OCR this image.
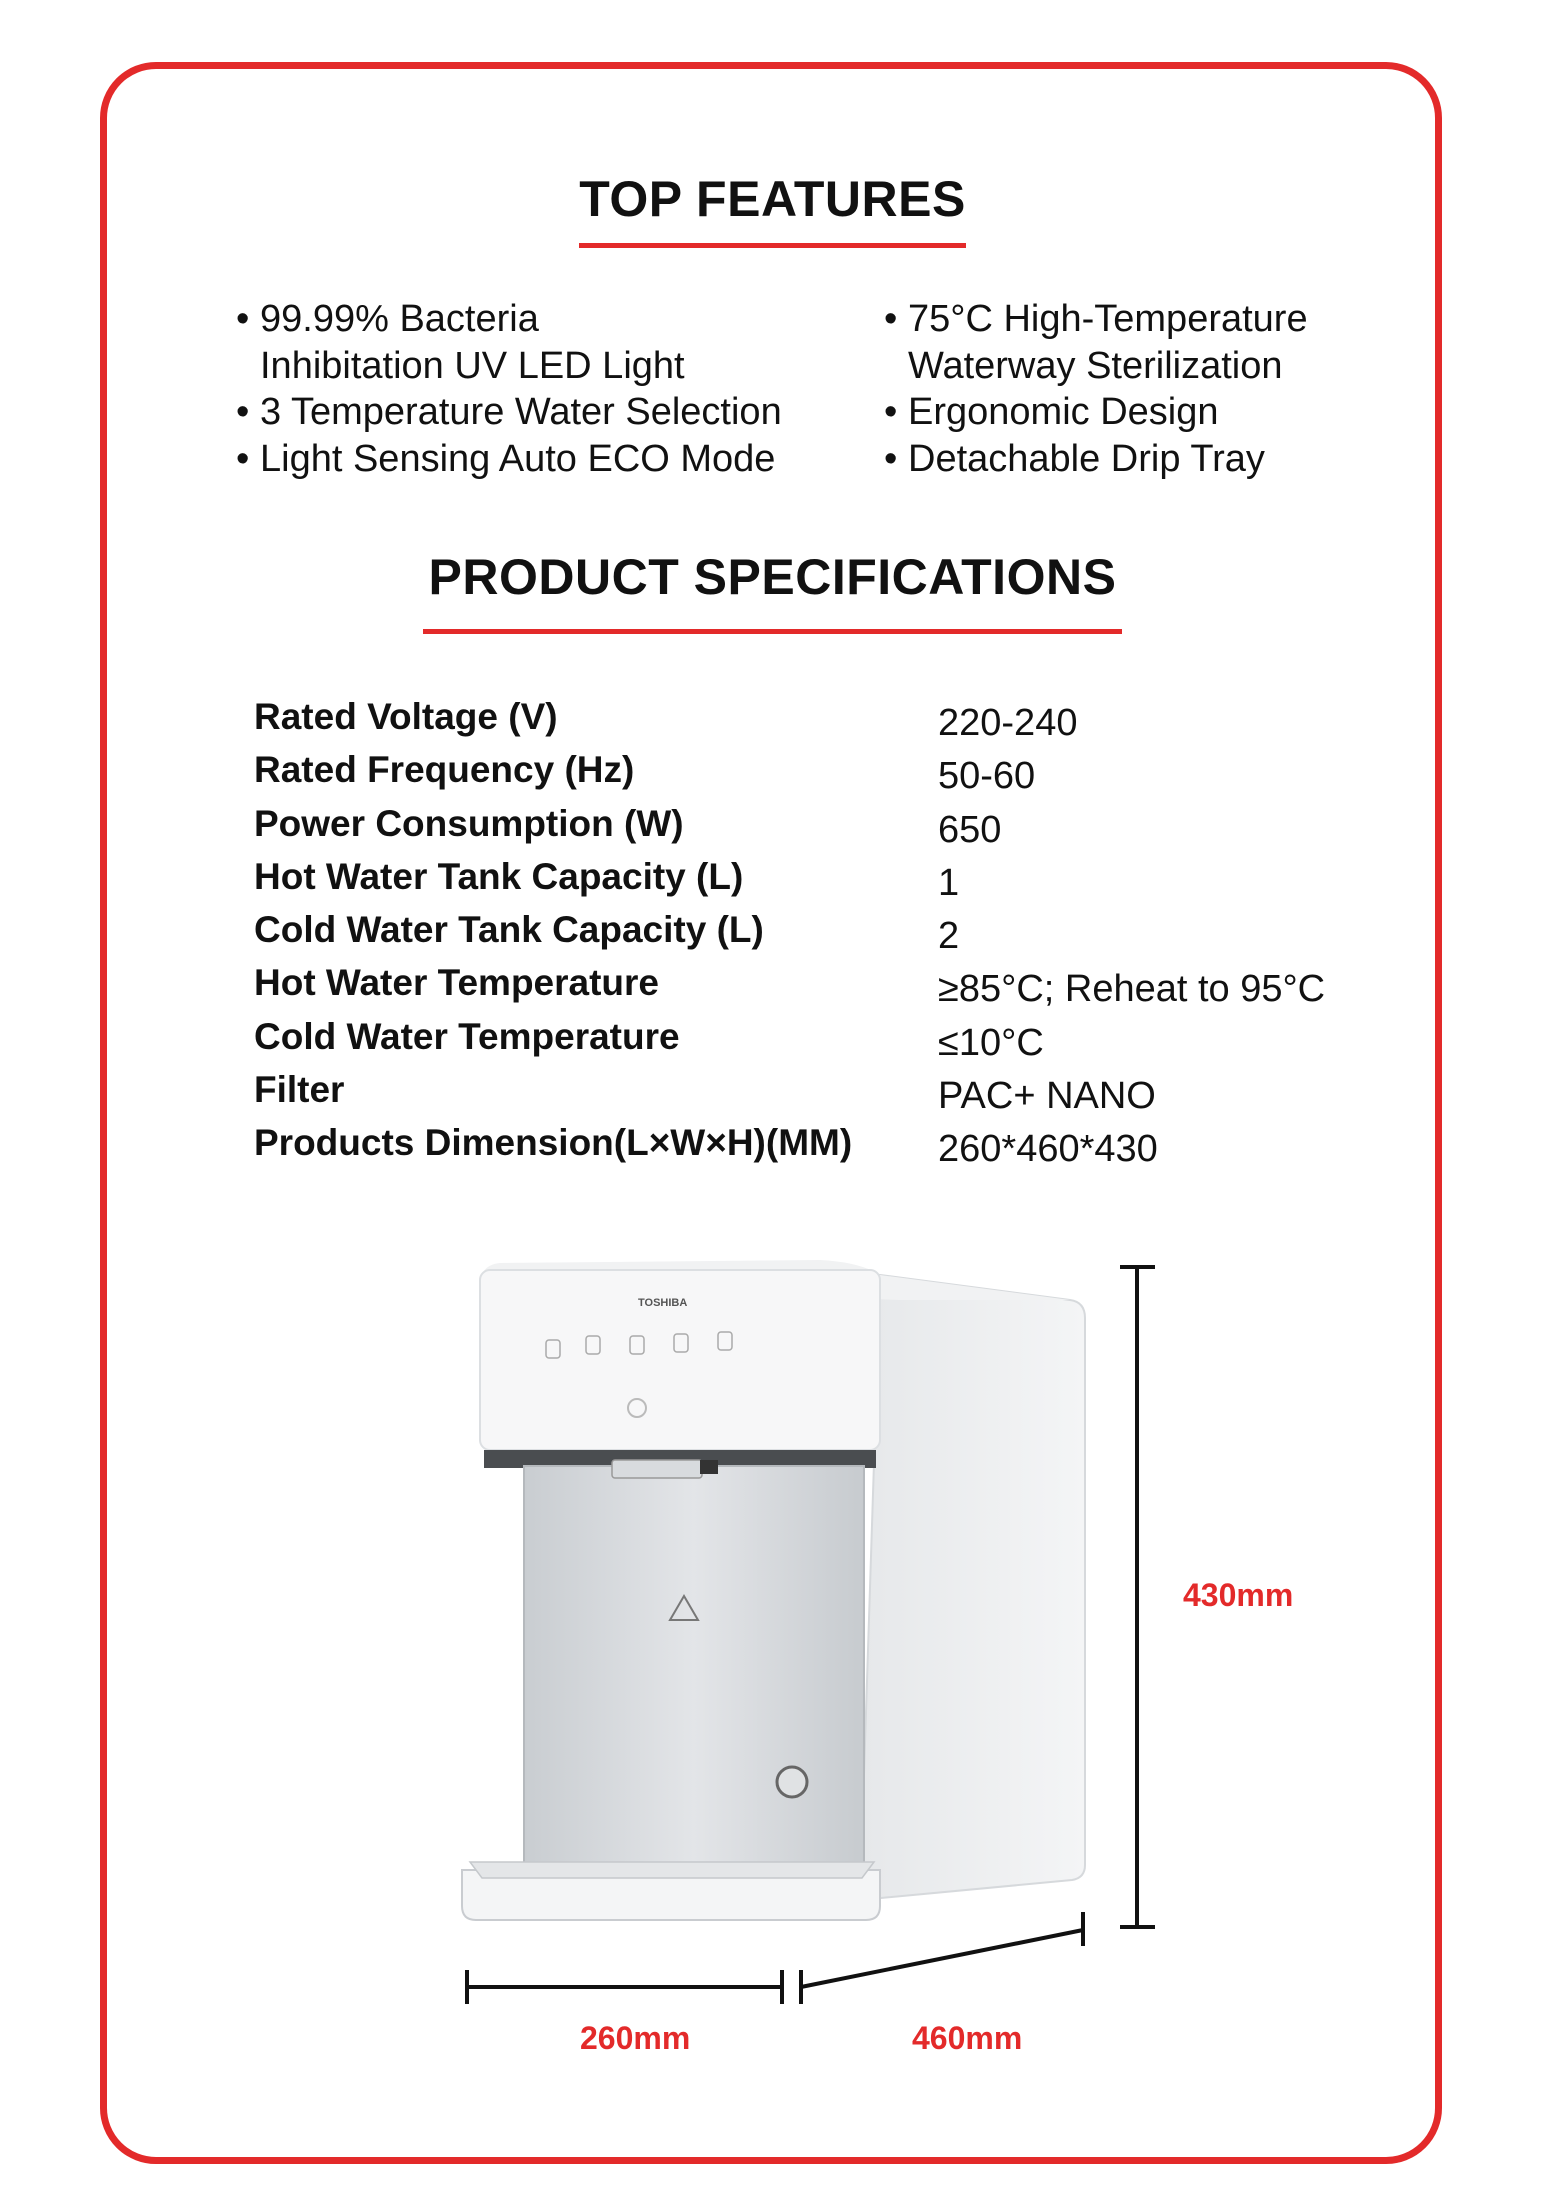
TOP FEATURES
• 99.99% Bacteria
Inhibitation UV LED Light
• 3 Temperature Water Selection
• Light Sensing Auto ECO Mode
• 75°C High-Temperature
Waterway Sterilization
• Ergonomic Design
• Detachable Drip Tray
PRODUCT SPECIFICATIONS
Rated Voltage (V)	220-240
Rated Frequency (Hz)	50-60
Power Consumption (W)	650
Hot Water Tank Capacity (L)	1
Cold Water Tank Capacity (L)	2
Hot Water Temperature	≥85°C; Reheat to 95°C
Cold Water Temperature	≤10°C
Filter	PAC+ NANO
Products Dimension(L×W×H)(MM) 260*460*430
TOSHIBA
430mm
260mm	460mm
